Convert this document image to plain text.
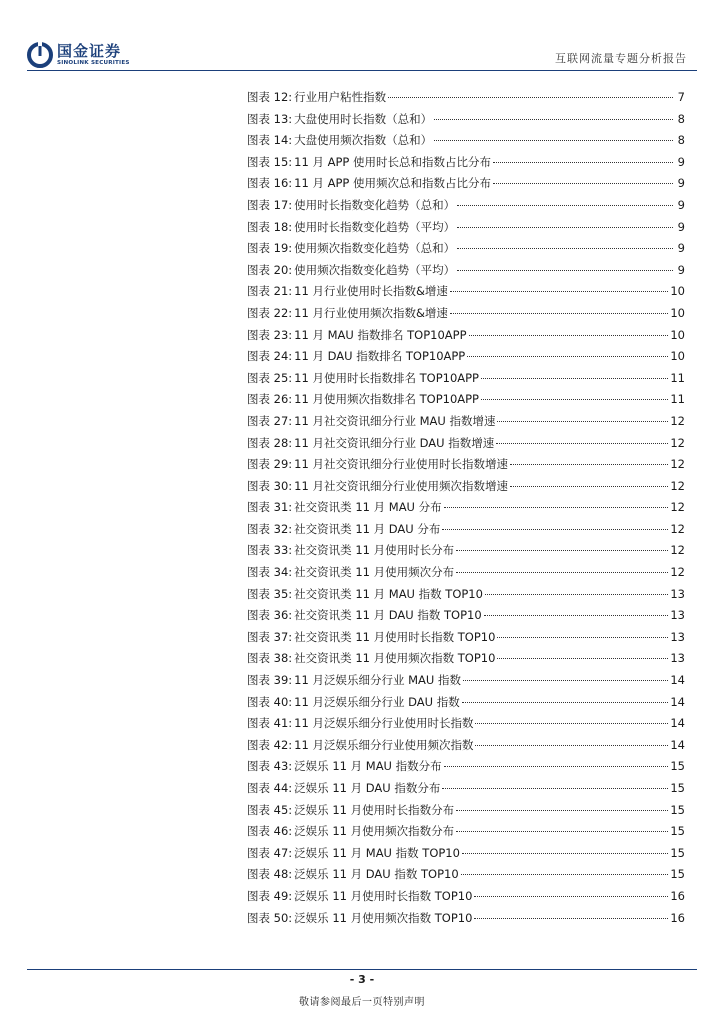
国金证券
SINOLINK SECURITIES	互联网流量专题分析报告
图表 12: 行业用户粘性指数	7
图表 13: 大盘使用时长指数（总和）	8
图表 14: 大盘使用频次指数（总和）	8
图表 15: 11 月 APP 使用时长总和指数占比分布	9
图表 16: 11 月 APP 使用频次总和指数占比分布	9
图表 17: 使用时长指数变化趋势（总和）	9
图表 18: 使用时长指数变化趋势（平均）	9
图表 19: 使用频次指数变化趋势（总和）	9
图表 20: 使用频次指数变化趋势（平均）	9
图表 21: 11 月行业使用时长指数&增速	10
图表 22: 11 月行业使用频次指数&增速	10
图表 23: 11 月 MAU 指数排名 TOP10APP	10
图表 24: 11 月 DAU 指数排名 TOP10APP	10
图表 25: 11 月使用时长指数排名 TOP10APP	11
图表 26: 11 月使用频次指数排名 TOP10APP	11
图表 27: 11 月社交资讯细分行业 MAU 指数增速	12
图表 28: 11 月社交资讯细分行业 DAU 指数增速	12
图表 29: 11 月社交资讯细分行业使用时长指数增速	12
图表 30: 11 月社交资讯细分行业使用频次指数增速	12
图表 31: 社交资讯类 11 月 MAU 分布	12
图表 32: 社交资讯类 11 月 DAU 分布	12
图表 33: 社交资讯类 11 月使用时长分布	12
图表 34: 社交资讯类 11 月使用频次分布	12
图表 35: 社交资讯类 11 月 MAU 指数 TOP10	13
图表 36: 社交资讯类 11 月 DAU 指数 TOP10	13
图表 37: 社交资讯类 11 月使用时长指数 TOP10	13
图表 38: 社交资讯类 11 月使用频次指数 TOP10	13
图表 39: 11 月泛娱乐细分行业 MAU 指数	14
图表 40: 11 月泛娱乐细分行业 DAU 指数	14
图表 41: 11 月泛娱乐细分行业使用时长指数	14
图表 42: 11 月泛娱乐细分行业使用频次指数	14
图表 43: 泛娱乐 11 月 MAU 指数分布	15
图表 44: 泛娱乐 11 月 DAU 指数分布	15
图表 45: 泛娱乐 11 月使用时长指数分布	15
图表 46: 泛娱乐 11 月使用频次指数分布	15
图表 47: 泛娱乐 11 月 MAU 指数 TOP10	15
图表 48: 泛娱乐 11 月 DAU 指数 TOP10	15
图表 49: 泛娱乐 11 月使用时长指数 TOP10	16
图表 50: 泛娱乐 11 月使用频次指数 TOP10	16
- 3 -
敬请参阅最后一页特别声明
